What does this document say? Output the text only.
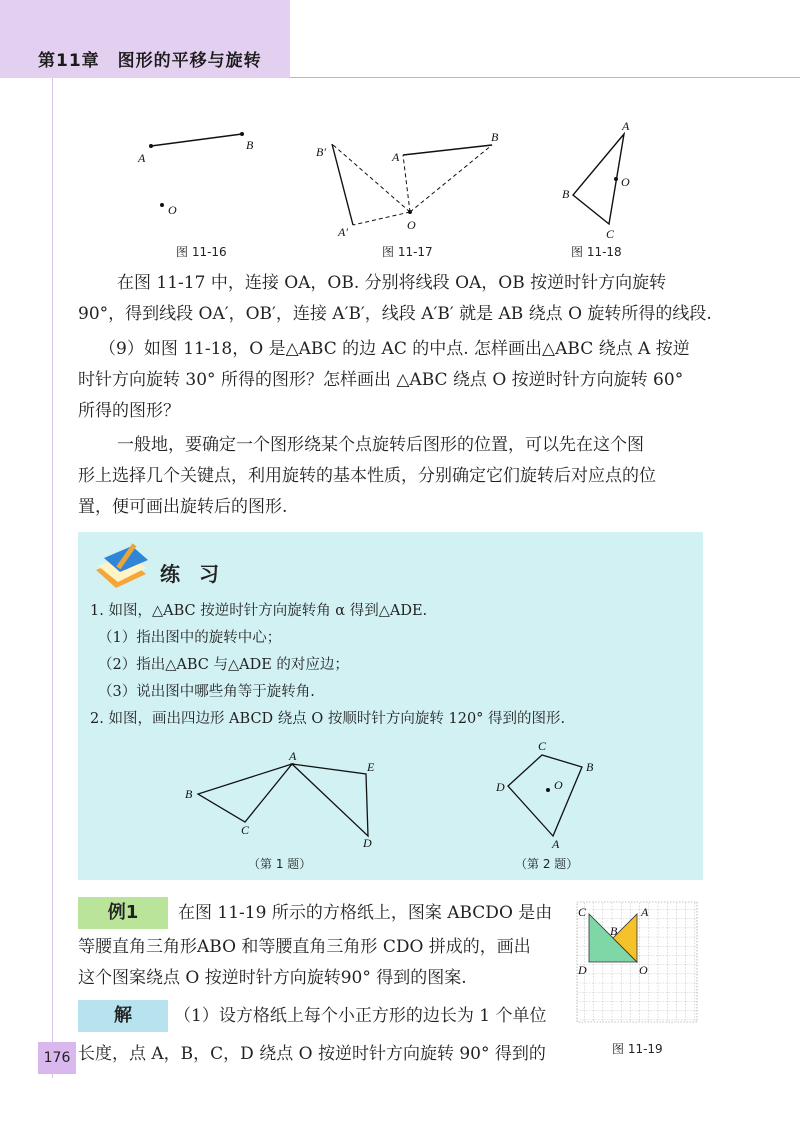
第11章　图形的平移与旋转
A
B
O
B′	A
B
O
A′
A
B
C
O
图 11-16	图 11-17	图 11-18
在图 11-17 中，连接 OA，OB. 分别将线段 OA，OB 按逆时针方向旋转
90°，得到线段 OA′，OB′，连接 A′B′，线段 A′B′ 就是 AB 绕点 O 旋转所得的线段.
（9）如图 11-18，O 是△ABC 的边 AC 的中点. 怎样画出△ABC 绕点 A 按逆
时针方向旋转 30° 所得的图形？怎样画出 △ABC 绕点 O 按逆时针方向旋转 60°
所得的图形？
一般地，要确定一个图形绕某个点旋转后图形的位置，可以先在这个图
形上选择几个关键点，利用旋转的基本性质，分别确定它们旋转后对应点的位
置，便可画出旋转后的图形.
练 习
1. 如图，△ABC 按逆时针方向旋转角 α 得到△ADE.
（1）指出图中的旋转中心；
（2）指出△ABC 与△ADE 的对应边；
（3）说出图中哪些角等于旋转角.
2. 如图，画出四边形 ABCD 绕点 O 按顺时针方向旋转 120° 得到的图形.
A
B
C
D
E
A
B
C
D	O
（第 1 题）	（第 2 题）
例1	在图 11-19 所示的方格纸上，图案 ABCDO 是由
等腰直角三角形ABO 和等腰直角三角形 CDO 拼成的，画出
这个图案绕点 O 按逆时针方向旋转90° 得到的图案.
C	A
B
D	O
图 11-19
解	（1）设方格纸上每个小正方形的边长为 1 个单位
长度，点 A，B，C，D 绕点 O 按逆时针方向旋转 90° 得到的
176
